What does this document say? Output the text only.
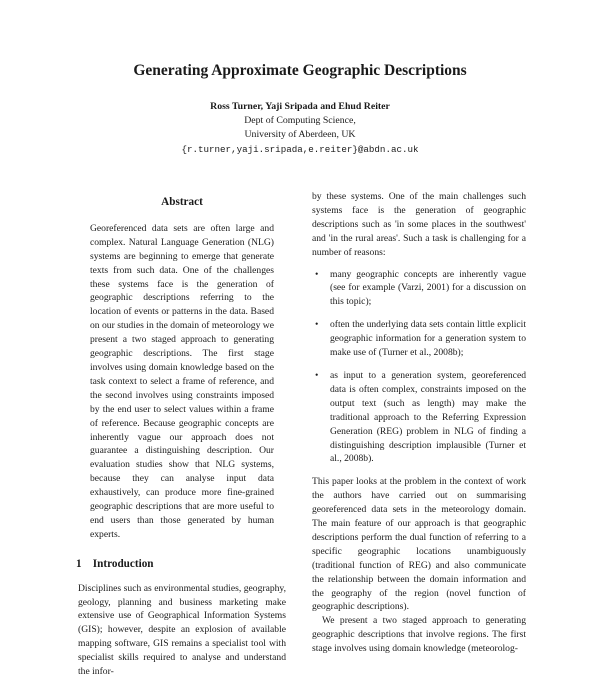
Generating Approximate Geographic Descriptions
Ross Turner, Yaji Sripada and Ehud Reiter
Dept of Computing Science,
University of Aberdeen, UK
{r.turner,yaji.sripada,e.reiter}@abdn.ac.uk
Abstract

Georeferenced data sets are often large and complex. Natural Language Generation (NLG) systems are beginning to emerge that generate texts from such data. One of the challenges these systems face is the generation of geographic descriptions referring to the location of events or patterns in the data. Based on our studies in the domain of meteorology we present a two staged approach to generating geographic descriptions. The first stage involves using domain knowledge based on the task context to select a frame of reference, and the second involves using constraints imposed by the end user to select values within a frame of reference. Because geographic concepts are inherently vague our approach does not guarantee a distinguishing description. Our evaluation studies show that NLG systems, because they can analyse input data exhaustively, can produce more fine-grained geographic descriptions that are more useful to end users than those generated by human experts.

1 Introduction

Disciplines such as environmental studies, geography, geology, planning and business marketing make extensive use of Geographical Information Systems (GIS); however, despite an explosion of available mapping software, GIS remains a specialist tool with specialist skills required to analyse and understand the infor-

by these systems. One of the main challenges such systems face is the generation of geographic descriptions such as 'in some places in the southwest' and 'in the rural areas'. Such a task is challenging for a number of reasons:

• many geographic concepts are inherently vague (see for example (Varzi, 2001) for a discussion on this topic);
• often the underlying data sets contain little explicit geographic information for a generation system to make use of (Turner et al., 2008b);
• as input to a generation system, georeferenced data is often complex, constraints imposed on the output text (such as length) may make the traditional approach to the Referring Expression Generation (REG) problem in NLG of finding a distinguishing description implausible (Turner et al., 2008b).

This paper looks at the problem in the context of work the authors have carried out on summarising georeferenced data sets in the meteorology domain. The main feature of our approach is that geographic descriptions perform the dual function of referring to a specific geographic locations unambiguously (traditional function of REG) and also communicate the relationship between the domain information and the geography of the region (novel function of geographic descriptions).

We present a two staged approach to generating geographic descriptions that involve regions. The first stage involves using domain knowledge (meteorolog-
